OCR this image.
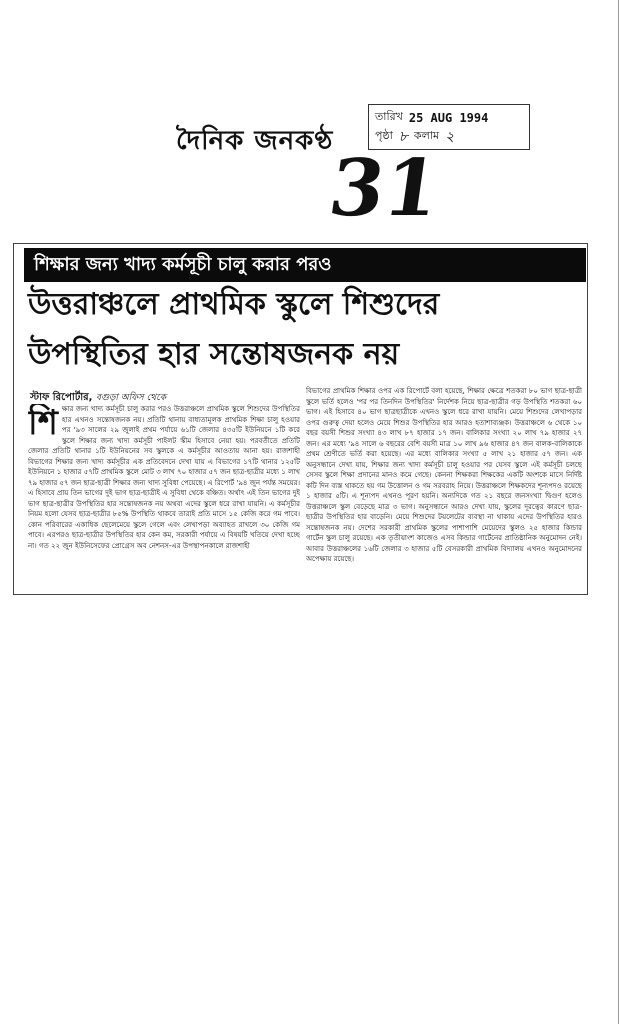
দৈনিক জনকণ্ঠ
তারিখ 25 AUG 1994
পৃষ্ঠা ৮ কলাম ২
31
শিক্ষার জন্য খাদ্য কর্মসূচী চালু করার পরও
উত্তরাঞ্চলে প্রাথমিক স্কুলে শিশুদের
উপস্থিতির হার সন্তোষজনক নয়
স্টাফ রিপোর্টার, বগুড়া অফিস থেকে
শি ক্ষার জন্য খাদ্য কর্মসূচী চালু করার পরও উত্তরাঞ্চলে প্রাথমিক স্কুলে শিশুদের উপস্থিতির হার এখনও সন্তোষজনক নয়। প্রতিটি থানায় বাধ্যতামূলক প্রাথমিক শিক্ষা চালু হওয়ার পর '৯৩ সালের ২৯ জুলাই প্রথম পর্যায়ে ৬১টি জেলার ৪৩৫টি ইউনিয়নে ১টি করে স্কুলে শিক্ষার জন্য খাদ্য কর্মসূচী পাইলট স্কীম হিসাবে নেয়া হয়। পরবর্তীতে প্রতিটি জেলার প্রতিটি থানার ১টি ইউনিয়নের সব স্কুলকে এ কর্মসূচীর আওতায় আনা হয়। রাজশাহী বিভাগের শিক্ষার জন্য খাদ্য কর্মসূচীর এক প্রতিবেদনে দেখা যায় এ বিভাগের ১৭টি থানার ১২৫টি ইউনিয়নে ১ হাজার ৫৭টি প্রাথমিক স্কুলে মোট ৩ লাখ ৭০ হাজার ৫৭ জন ছাত্র-ছাত্রীর মধ্যে ১ লাখ ৭৯ হাজার ৫৭ জন ছাত্র-ছাত্রী শিক্ষার জন্য খাদ্য সুবিধা পেয়েছে। এ রিপোর্ট '৯৪ জুন পর্যন্ত সময়ের। এ হিসাবে প্রায় তিন ভাগের দুই ভাগ ছাত্র-ছাত্রীই এ সুবিধা থেকে বঞ্চিত। অর্থাৎ এই তিন ভাগের দুই ভাগ ছাত্র-ছাত্রীর উপস্থিতির হার সন্তোষজনক নয় অথবা এদের স্কুলে ধরে রাখা যায়নি। এ কর্মসূচীর নিয়ম হলো যেসব ছাত্র-ছাত্রীর ৮৫% উপস্থিতি থাকবে তারাই প্রতি মাসে ১৫ কেজি করে গম পাবে। কোন পরিবারের একাধিক ছেলেমেয়ে স্কুলে গেলে এবং লেখাপড়া অব্যাহত রাখলে ৩০ কেজি গম পাবে। এরপরও ছাত্র-ছাত্রীর উপস্থিতির হার কেন কম, সরকারী পর্যায়ে এ বিষয়টি খতিয়ে দেখা হচ্ছে না। গত ২২ জুন ইউনিসেফের প্রোগ্রেস অব নেশনস-এর উপস্থাপনকালে রাজশাহী
বিভাগের প্রাথমিক শিক্ষার ওপর এক রিপোর্টে বলা হয়েছে, শিক্ষার ক্ষেত্রে শতকরা ৮০ ভাগ ছাত্র-ছাত্রী স্কুলে ভর্তি হলেও 'পর পর তিনদিন উপস্থিতির' নির্দেশক নিয়ে ছাত্র-ছাত্রীর গড় উপস্থিতি শতকরা ৬০ ভাগ। এই হিসাবে ৪০ ভাগ ছাত্রছাত্রীকে এখনও স্কুলে ধরে রাখা যায়নি। মেয়ে শিশুদের লেখাপড়ার ওপর গুরুত্ব দেয়া হলেও মেয়ে শিশুর উপস্থিতির হার আরও হতাশাব্যঞ্জক। উত্তরাঞ্চলে ৬ থেকে ১০ বছর বয়সী শিশুর সংখ্যা ৪৩ লাখ ৮৭ হাজার ১৭ জন। বালিকার সংখ্যা ২০ লাখ ৭৯ হাজার ২৭ জন। এর মধ্যে '৯৪ সালে ৬ বছরের বেশি বয়সী মাত্র ১০ লাখ ৯৬ হাজার ৪৭ জন বালক-বালিকাকে প্রথম শ্রেণীতে ভর্তি করা হয়েছে। এর মধ্যে বালিকার সংখ্যা ৫ লাখ ২১ হাজার ৫৭ জন। এক অনুসন্ধানে দেখা যায়, শিক্ষার জন্য খাদ্য কর্মসূচী চালু হওয়ার পর যেসব স্কুলে এই কর্মসূচী চলছে সেসব স্কুলে শিক্ষা প্রদানের মানও কমে গেছে। কেননা শিক্ষকরা শিক্ষকের একটি অংশকে মাসে নির্দিষ্ট কটি দিন ব্যস্ত থাকতে হয় গম উত্তোলন ও গম সরবরাহ নিয়ে। উত্তরাঞ্চলে শিক্ষকদের শূন্যপদও রয়েছে ১ হাজার ৫টি। এ শূন্যপদ এখনও পূরণ হয়নি। অন্যদিকে গত ২১ বছরে জনসংখ্যা দ্বিগুণ হলেও উত্তরাঞ্চলে স্কুল বেড়েছে মাত্র ৩ ভাগ। অনুসন্ধানে আরও দেখা যায়, স্কুলের দূরত্বের কারণে ছাত্র-ছাত্রীর উপস্থিতির হার বাড়েনি। মেয়ে শিশুদের টয়লেটের ব্যবস্থা না থাকায় এদের উপস্থিতির হারও সন্তোষজনক নয়। দেশের সরকারী প্রাথমিক স্কুলের পাশাপাশি মেয়েদের স্কুলও ২৫ হাজার কিন্ডার গার্টেন স্কুল চালু রয়েছে। এক তৃতীয়াংশ কাজেও এসব কিন্ডার গার্টেনের প্রাতিষ্ঠানিক অনুমোদন নেই। আবার উত্তরাঞ্চলের ১৬টি জেলার ৩ হাজার ৫টি বেসরকারী প্রাথমিক বিদ্যালয় এখনও অনুমোদনের অপেক্ষায় রয়েছে।
